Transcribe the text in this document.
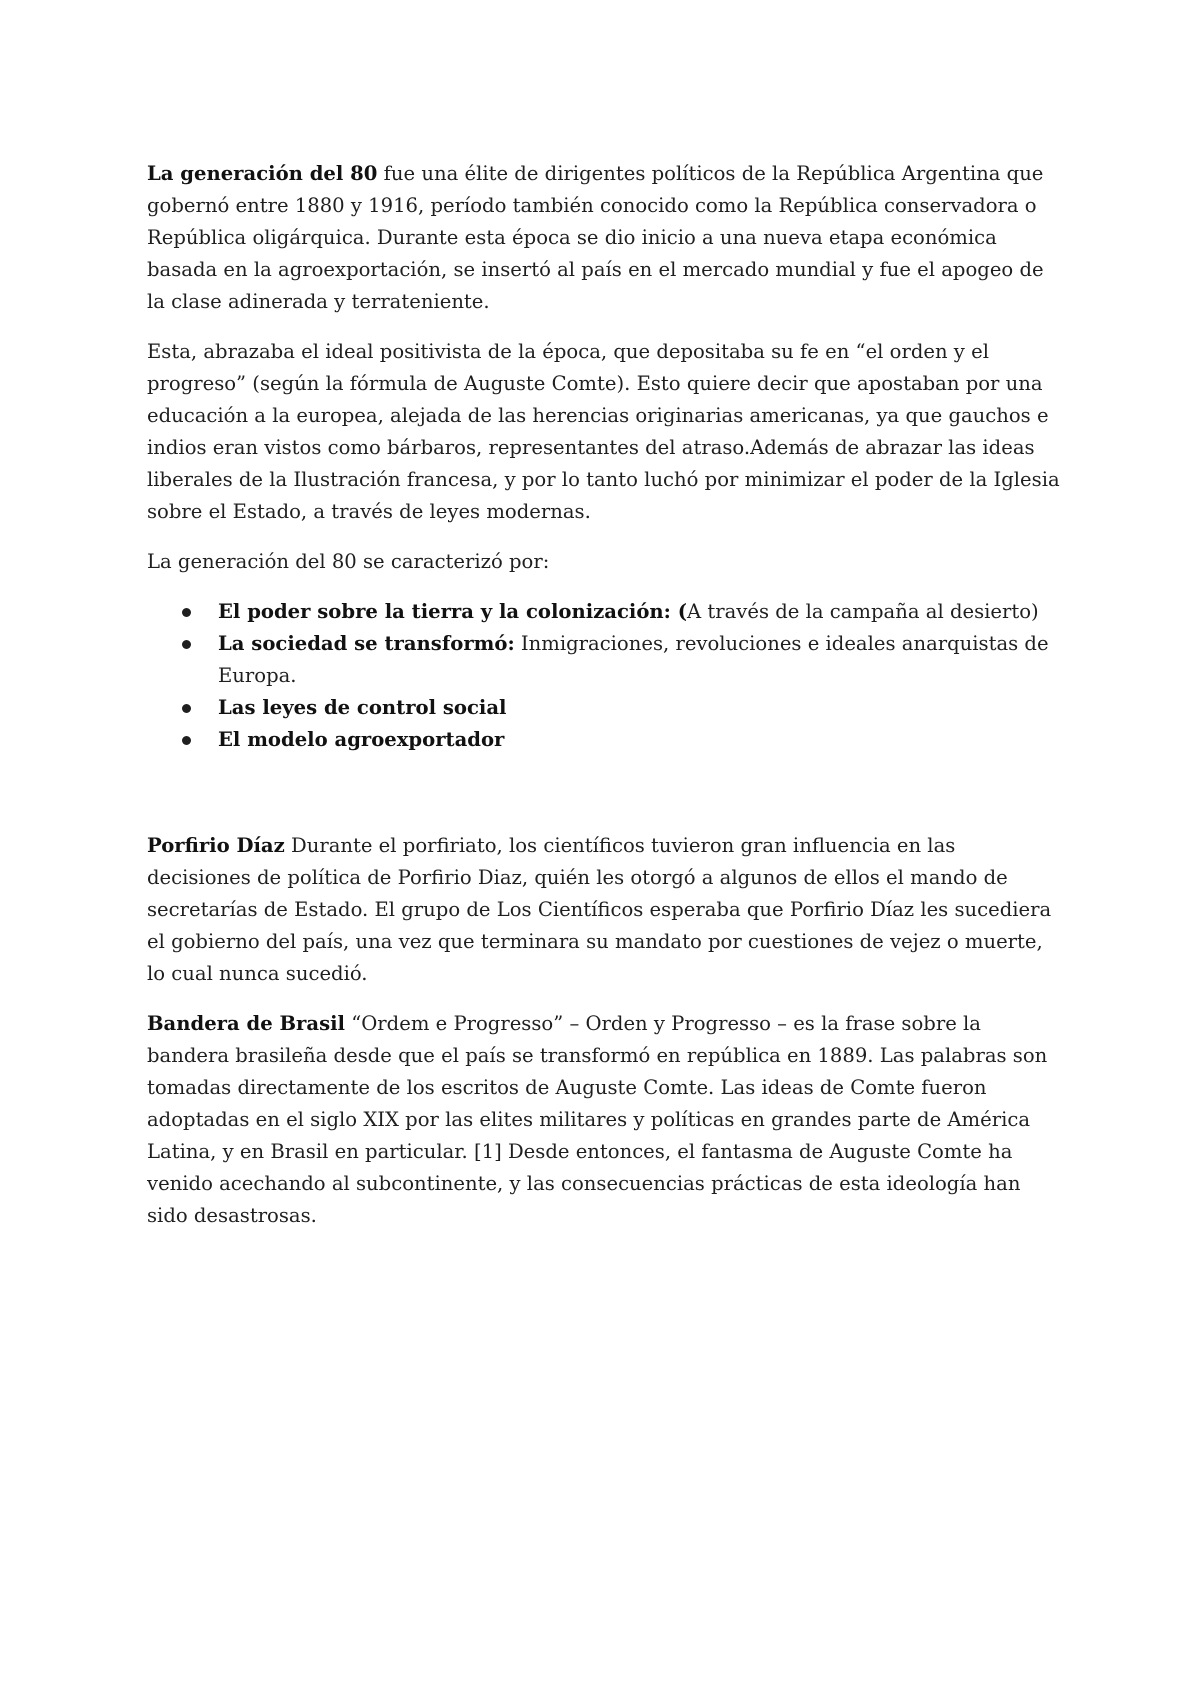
La generación del 80 fue una élite de dirigentes políticos de la República Argentina que gobernó entre 1880 y 1916, período también conocido como la República conservadora o República oligárquica. Durante esta época se dio inicio a una nueva etapa económica basada en la agroexportación, se insertó al país en el mercado mundial y fue el apogeo de la clase adinerada y terrateniente.

Esta, abrazaba el ideal positivista de la época, que depositaba su fe en “el orden y el progreso” (según la fórmula de Auguste Comte). Esto quiere decir que apostaban por una educación a la europea, alejada de las herencias originarias americanas, ya que gauchos e indios eran vistos como bárbaros, representantes del atraso.Además de abrazar las ideas liberales de la Ilustración francesa, y por lo tanto luchó por minimizar el poder de la Iglesia sobre el Estado, a través de leyes modernas.

La generación del 80 se caracterizó por:

El poder sobre la tierra y la colonización: (A través de la campaña al desierto)
La sociedad se transformó: Inmigraciones, revoluciones e ideales anarquistas de Europa.
Las leyes de control social
El modelo agroexportador

Porfirio Díaz Durante el porfiriato, los científicos tuvieron gran influencia en las decisiones de política de Porfirio Diaz, quién les otorgó a algunos de ellos el mando de secretarías de Estado. El grupo de Los Científicos esperaba que Porfirio Díaz les sucediera el gobierno del país, una vez que terminara su mandato por cuestiones de vejez o muerte, lo cual nunca sucedió.

Bandera de Brasil “Ordem e Progresso” – Orden y Progresso – es la frase sobre la bandera brasileña desde que el país se transformó en república en 1889. Las palabras son tomadas directamente de los escritos de Auguste Comte. Las ideas de Comte fueron adoptadas en el siglo XIX por las elites militares y políticas en grandes parte de América Latina, y en Brasil en particular. [1] Desde entonces, el fantasma de Auguste Comte ha venido acechando al subcontinente, y las consecuencias prácticas de esta ideología han sido desastrosas.
